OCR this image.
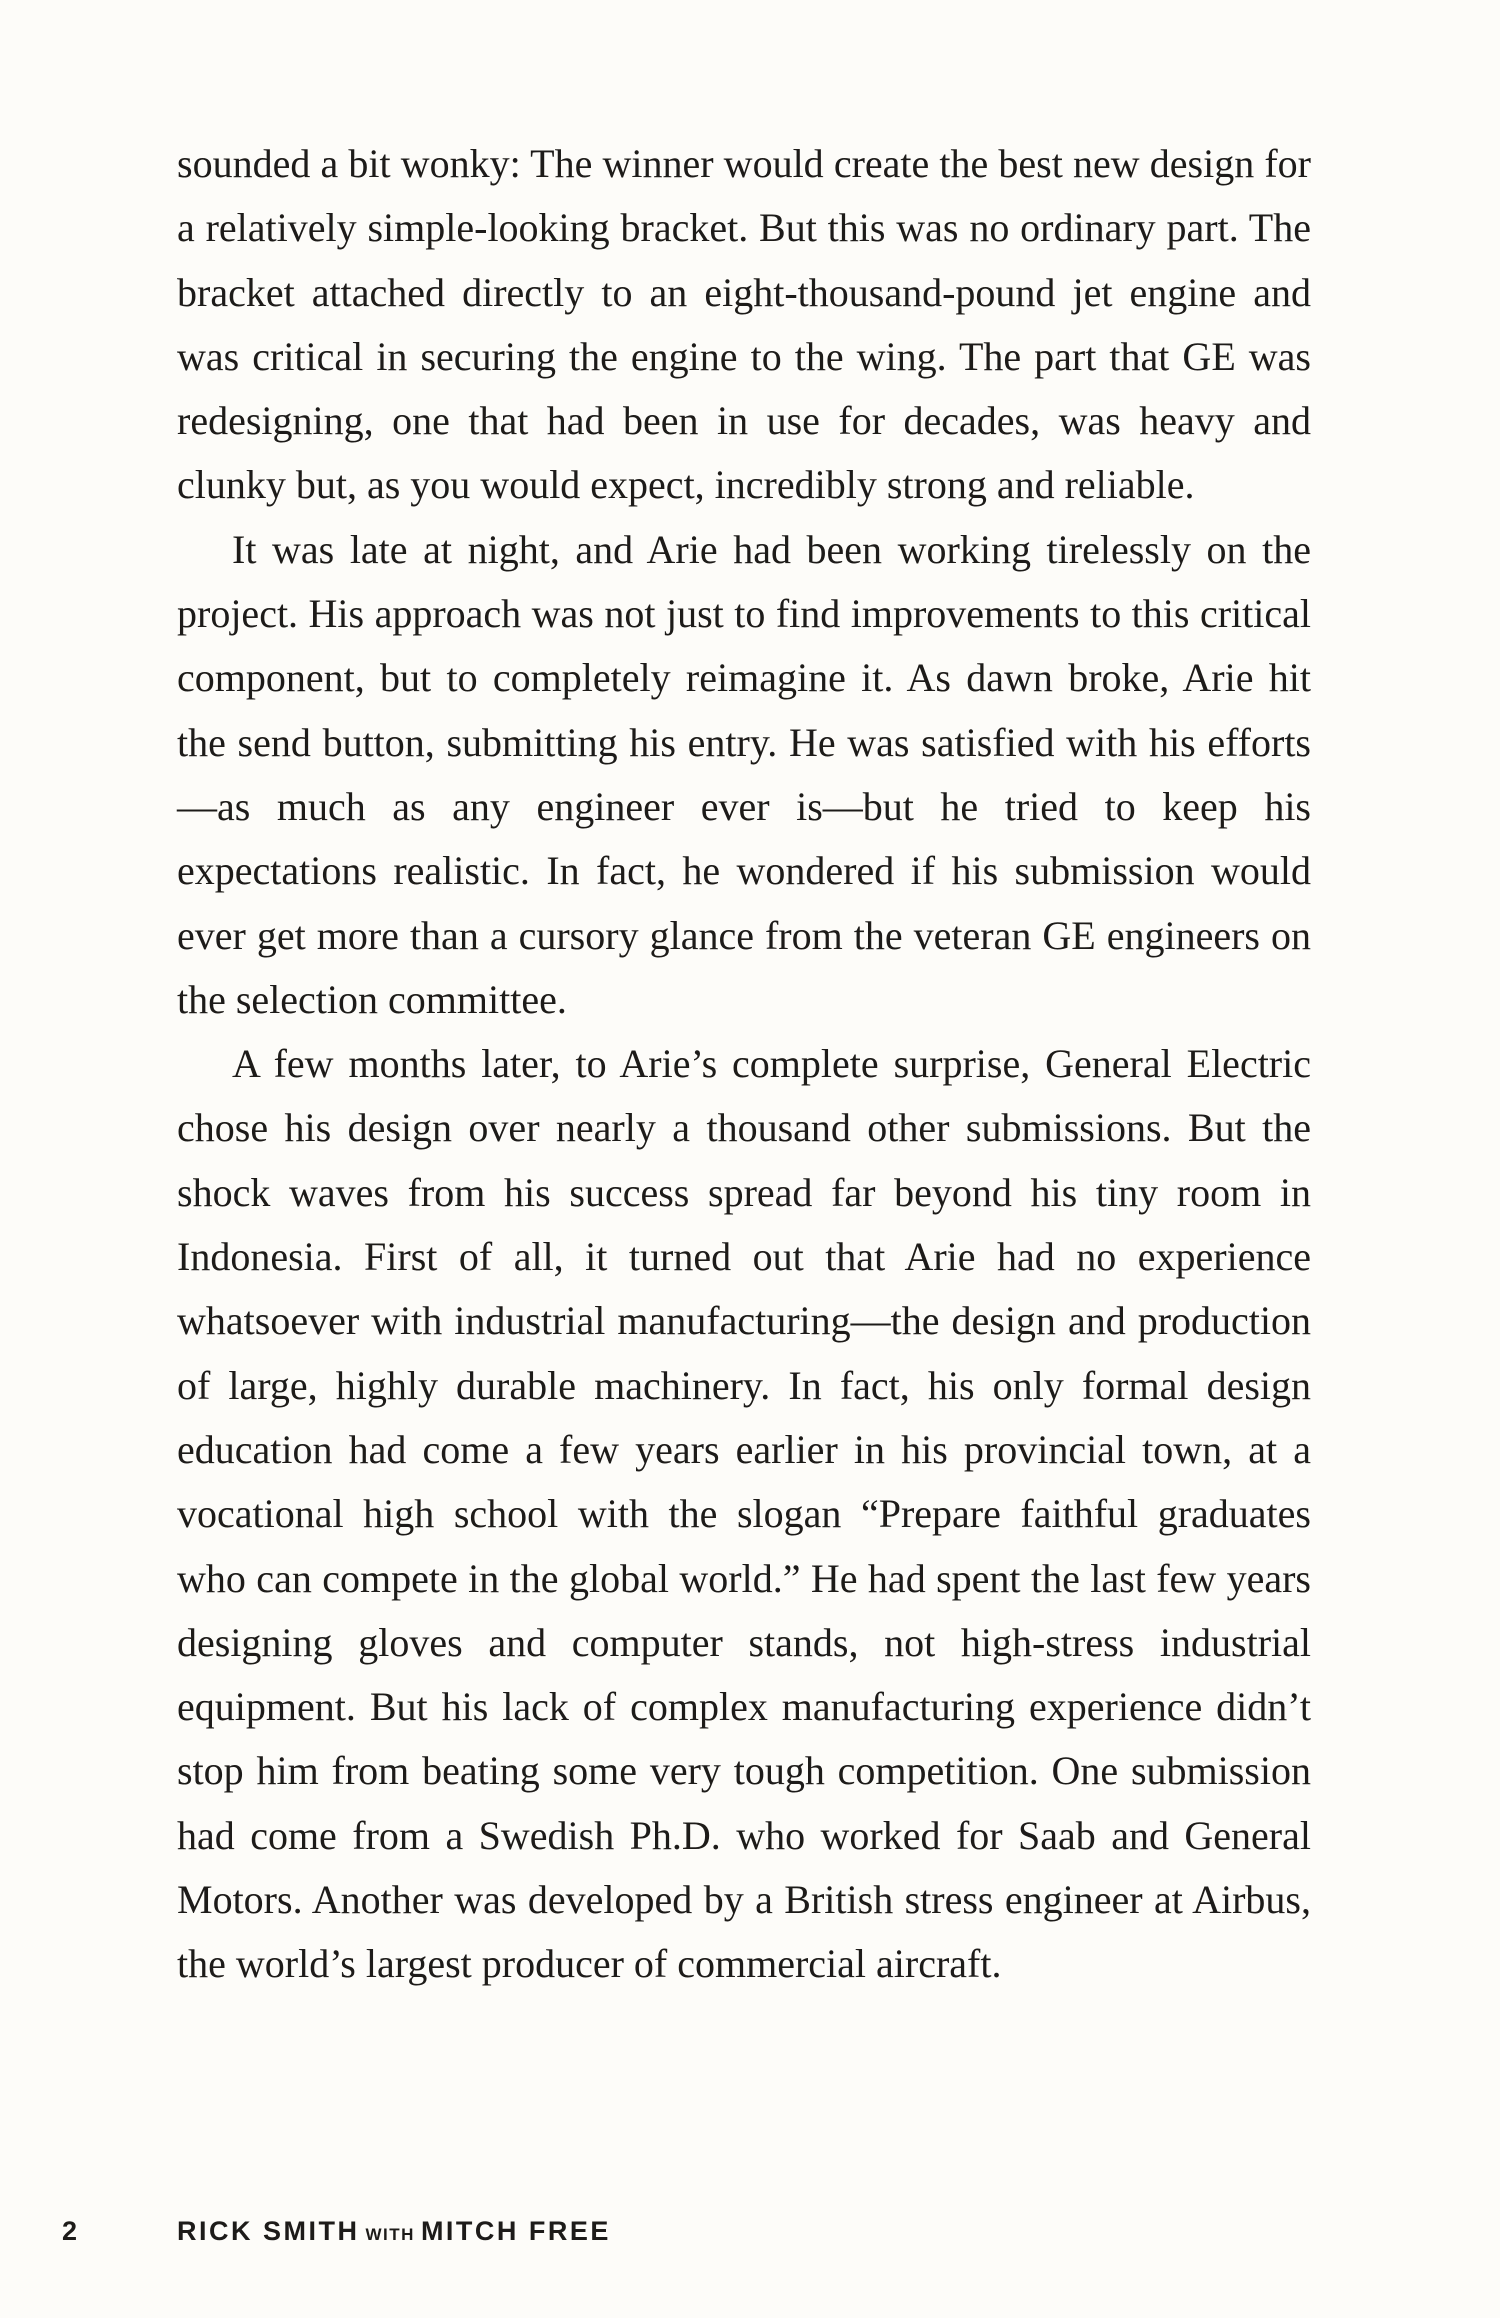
sounded a bit wonky: The winner would create the best new design for a relatively simple-looking bracket. But this was no ordinary part. The bracket attached directly to an eight-thousand-pound jet engine and was critical in securing the engine to the wing. The part that GE was redesigning, one that had been in use for decades, was heavy and clunky but, as you would expect, incredibly strong and reliable.

It was late at night, and Arie had been working tirelessly on the project. His approach was not just to find improvements to this critical component, but to completely reimagine it. As dawn broke, Arie hit the send button, submitting his entry. He was satisfied with his efforts—as much as any engineer ever is—but he tried to keep his expectations realistic. In fact, he wondered if his submission would ever get more than a cursory glance from the veteran GE engineers on the selection committee.

A few months later, to Arie’s complete surprise, General Electric chose his design over nearly a thousand other submissions. But the shock waves from his success spread far beyond his tiny room in Indonesia. First of all, it turned out that Arie had no experience whatsoever with industrial manufacturing—the design and production of large, highly durable machinery. In fact, his only formal design education had come a few years earlier in his provincial town, at a vocational high school with the slogan “Prepare faithful graduates who can compete in the global world.” He had spent the last few years designing gloves and computer stands, not high-stress industrial equipment. But his lack of complex manufacturing experience didn’t stop him from beating some very tough competition. One submission had come from a Swedish Ph.D. who worked for Saab and General Motors. Another was developed by a British stress engineer at Airbus, the world’s largest producer of commercial aircraft.

2	RICK SMITH WITH MITCH FREE
